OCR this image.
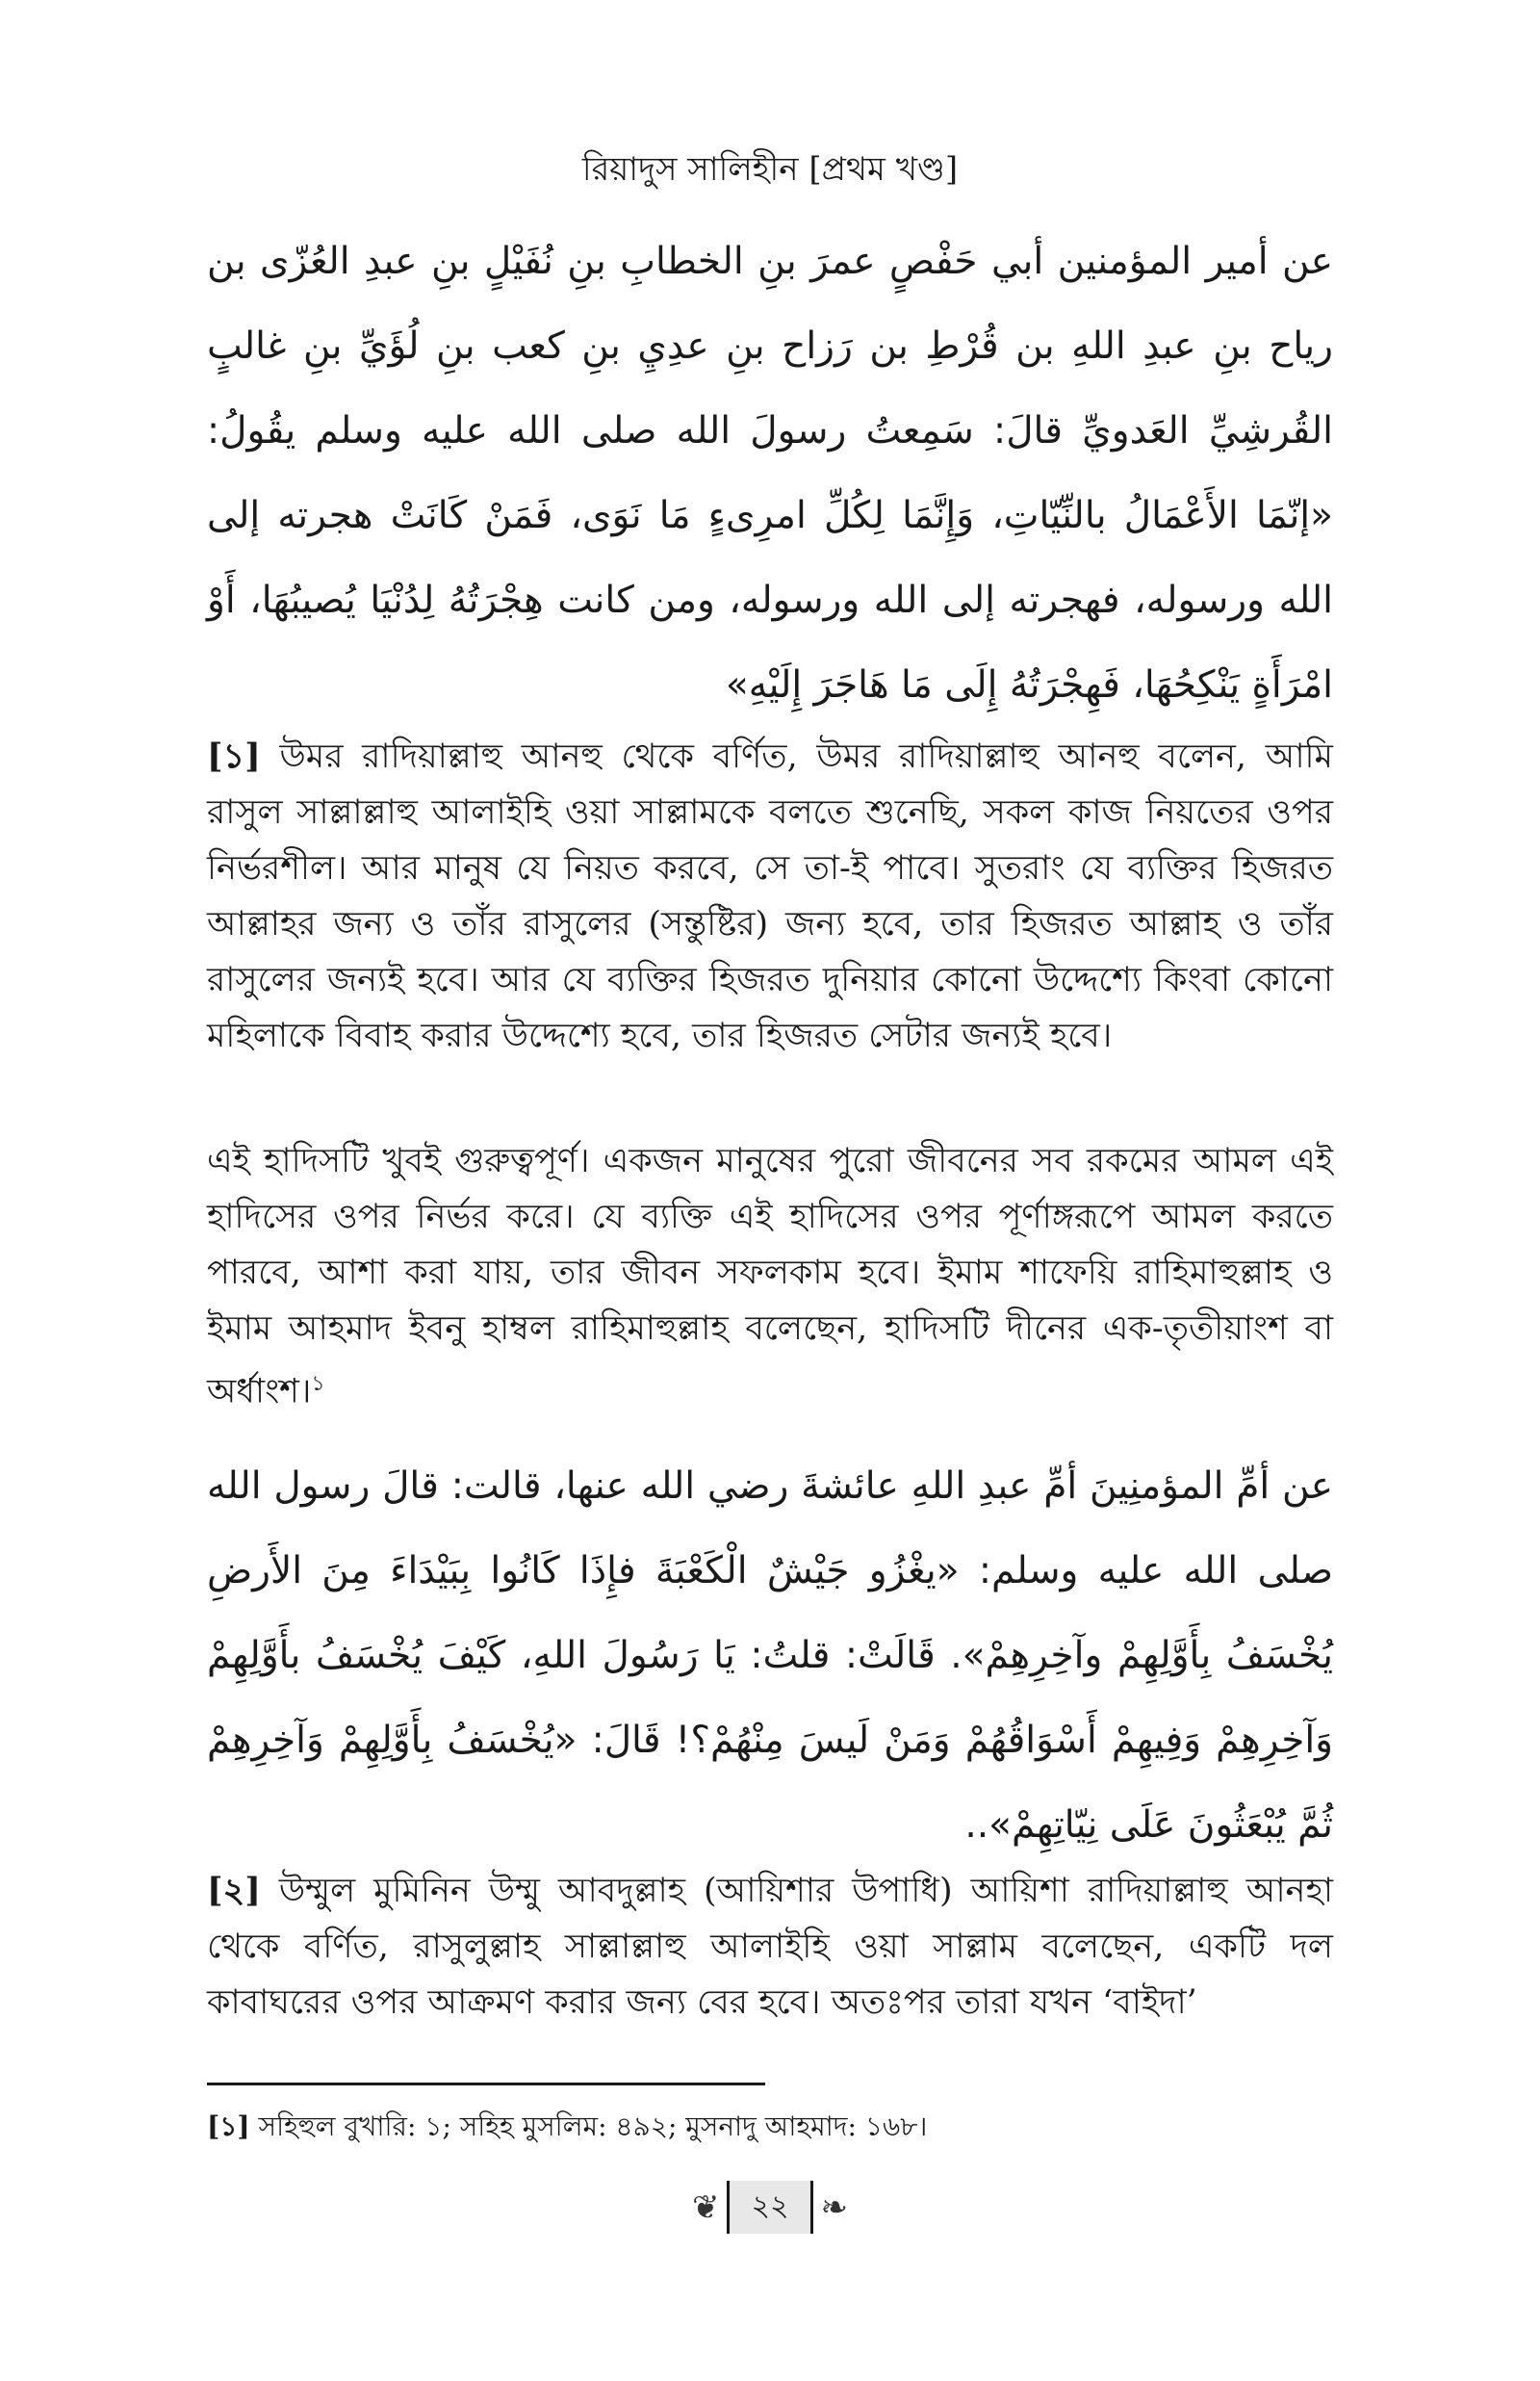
রিয়াদুস সালিহীন [প্রথম খণ্ড]
عن أمير المؤمنين أبي حَفْصٍ عمرَ بنِ الخطابِ بنِ نُفَيْلٍ بنِ عبدِ العُزّى بن رياح بنِ عبدِ اللهِ بن قُرْطِ بن رَزاح بنِ عدِيِ بنِ كعب بنِ لُؤَيِّ بنِ غالبٍ القُرشِيِّ العَدويِّ قالَ: سَمِعتُ رسولَ الله صلى الله عليه وسلم يقُولُ: «إنّمَا الأَعْمَالُ بالنِّيّاتِ، وَإِنَّمَا لِكُلِّ امرِىءٍ مَا نَوَى، فَمَنْ كَانَتْ هجرته إلى الله ورسوله، فهجرته إلى الله ورسوله، ومن كانت هِجْرَتُهُ لِدُنْيَا يُصيبُهَا، أَوْ امْرَأَةٍ يَنْكِحُهَا، فَهِجْرَتُهُ إِلَى مَا هَاجَرَ إِلَيْهِ»
[১] উমর রাদিয়াল্লাহু আনহু থেকে বর্ণিত, উমর রাদিয়াল্লাহু আনহু বলেন, আমি রাসুল সাল্লাল্লাহু আলাইহি ওয়া সাল্লামকে বলতে শুনেছি, সকল কাজ নিয়তের ওপর নির্ভরশীল। আর মানুষ যে নিয়ত করবে, সে তা-ই পাবে। সুতরাং যে ব্যক্তির হিজরত আল্লাহর জন্য ও তাঁর রাসুলের (সন্তুষ্টির) জন্য হবে, তার হিজরত আল্লাহ ও তাঁর রাসুলের জন্যই হবে। আর যে ব্যক্তির হিজরত দুনিয়ার কোনো উদ্দেশ্যে কিংবা কোনো মহিলাকে বিবাহ করার উদ্দেশ্যে হবে, তার হিজরত সেটার জন্যই হবে।
এই হাদিসটি খুবই গুরুত্বপূর্ণ। একজন মানুষের পুরো জীবনের সব রকমের আমল এই হাদিসের ওপর নির্ভর করে। যে ব্যক্তি এই হাদিসের ওপর পূর্ণাঙ্গরূপে আমল করতে পারবে, আশা করা যায়, তার জীবন সফলকাম হবে। ইমাম শাফেয়ি রাহিমাহুল্লাহ ও ইমাম আহমাদ ইবনু হাম্বল রাহিমাহুল্লাহ বলেছেন, হাদিসটি দীনের এক-তৃতীয়াংশ বা অর্ধাংশ।$^১$
عن أمِّ المؤمنِينَ أمِّ عبدِ اللهِ عائشةَ رضي الله عنها، قالت: قالَ رسول الله صلى الله عليه وسلم: «يغْزُو جَيْشٌ الْكَعْبَةَ فإِذَا كَانُوا بِبَيْدَاءَ مِنَ الأَرضِ يُخْسَفُ بِأَوَّلِهِمْ وآخِرِهِمْ». قَالَتْ: قلتُ: يَا رَسُولَ اللهِ، كَيْفَ يُخْسَفُ بأَوَّلِهِمْ وَآخِرِهِمْ وَفِيهِمْ أَسْوَاقُهُمْ وَمَنْ لَيسَ مِنْهُمْ؟! قَالَ: «يُخْسَفُ بِأَوَّلِهِمْ وَآخِرِهِمْ ثُمَّ يُبْعَثُونَ عَلَى نِيّاتِهِمْ»..
[২] উম্মুল মুমিনিন উম্মু আবদুল্লাহ (আয়িশার উপাধি) আয়িশা রাদিয়াল্লাহু আনহা থেকে বর্ণিত, রাসুলুল্লাহ সাল্লাল্লাহু আলাইহি ওয়া সাল্লাম বলেছেন, একটি দল কাবাঘরের ওপর আক্রমণ করার জন্য বের হবে। অতঃপর তারা যখন ‘বাইদা’
[১] সহিহুল বুখারি: ১; সহিহ মুসলিম: ৪৯২; মুসনাদু আহমাদ: ১৬৮।
❦	২২ ❧
